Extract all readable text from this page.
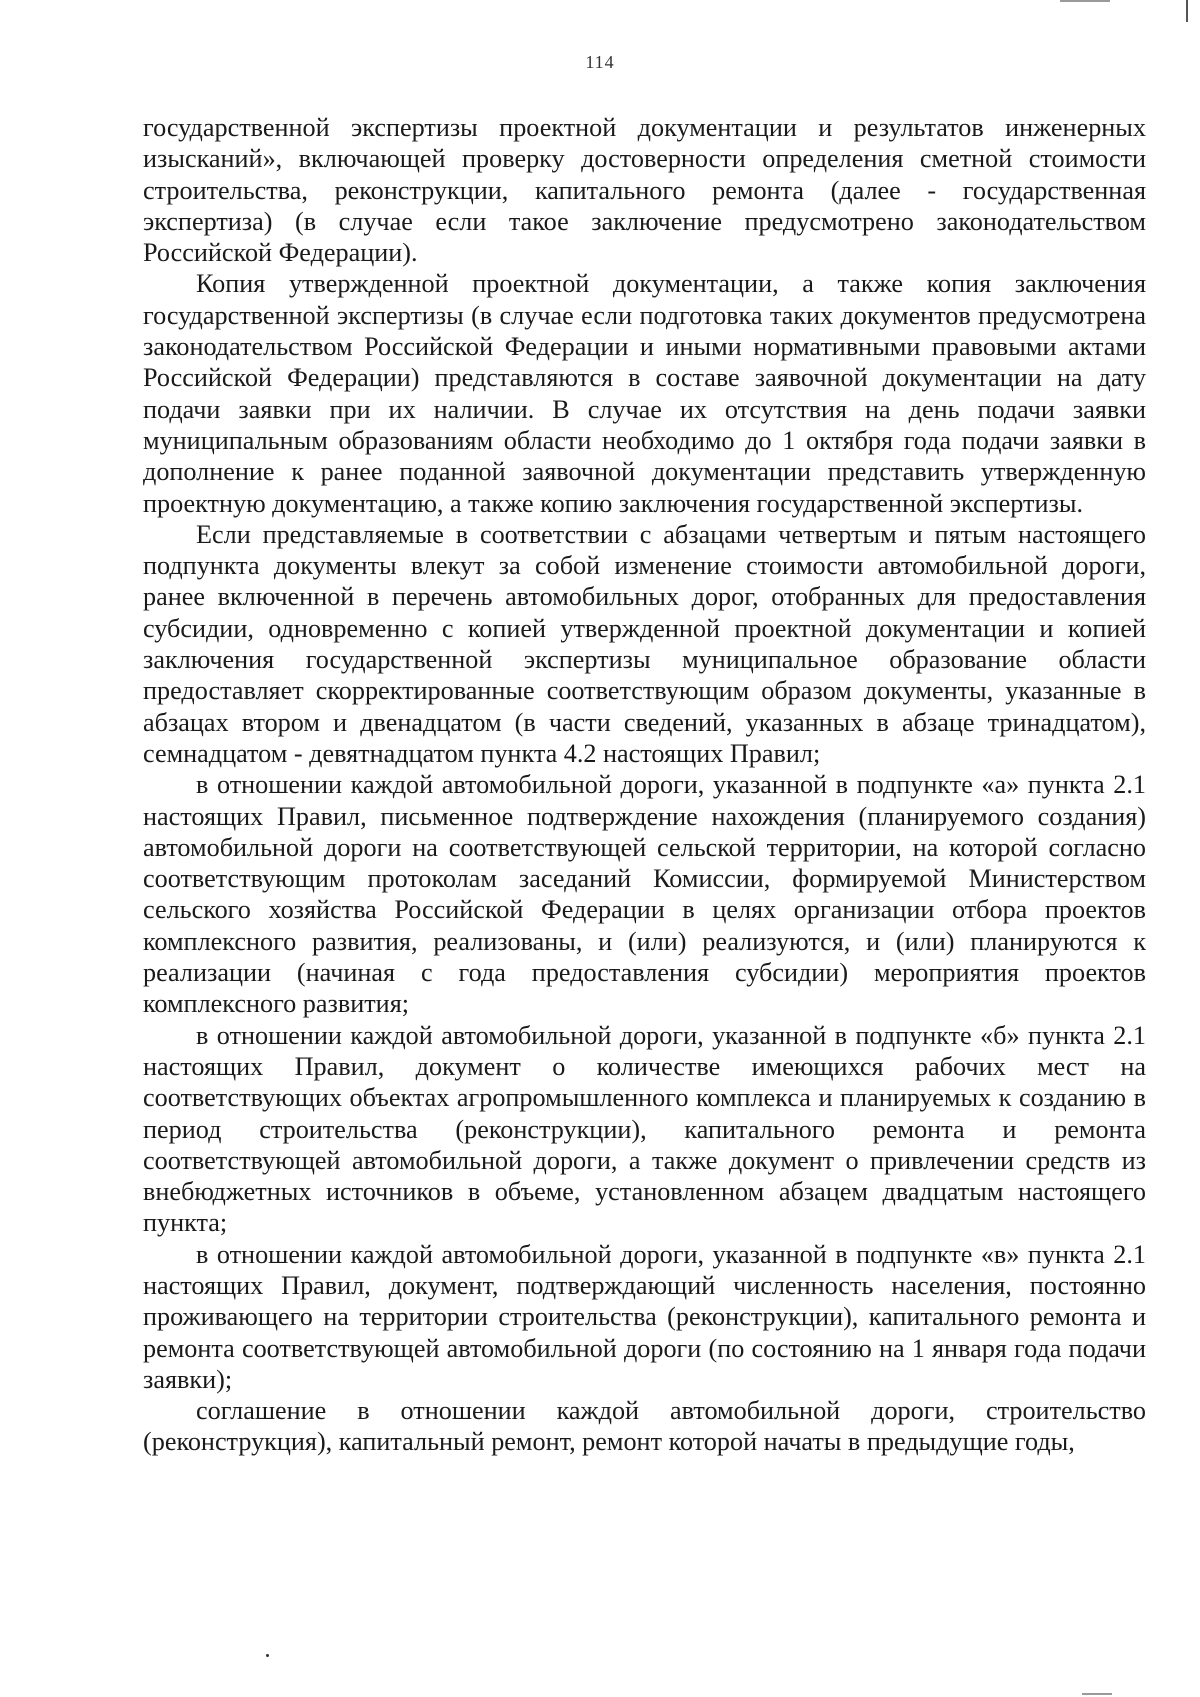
114

государственной экспертизы проектной документации и результатов инженерных изысканий», включающей проверку достоверности определения сметной стоимости строительства, реконструкции, капитального ремонта (далее - государственная экспертиза) (в случае если такое заключение предусмотрено законодательством Российской Федерации).

Копия утвержденной проектной документации, а также копия заключения государственной экспертизы (в случае если подготовка таких документов предусмотрена законодательством Российской Федерации и иными нормативными правовыми актами Российской Федерации) представляются в составе заявочной документации на дату подачи заявки при их наличии. В случае их отсутствия на день подачи заявки муниципальным образованиям области необходимо до 1 октября года подачи заявки в дополнение к ранее поданной заявочной документации представить утвержденную проектную документацию, а также копию заключения государственной экспертизы.

Если представляемые в соответствии с абзацами четвертым и пятым настоящего подпункта документы влекут за собой изменение стоимости автомобильной дороги, ранее включенной в перечень автомобильных дорог, отобранных для предоставления субсидии, одновременно с копией утвержденной проектной документации и копией заключения государственной экспертизы муниципальное образование области предоставляет скорректированные соответствующим образом документы, указанные в абзацах втором и двенадцатом (в части сведений, указанных в абзаце тринадцатом), семнадцатом - девятнадцатом пункта 4.2 настоящих Правил;

в отношении каждой автомобильной дороги, указанной в подпункте «а» пункта 2.1 настоящих Правил, письменное подтверждение нахождения (планируемого создания) автомобильной дороги на соответствующей сельской территории, на которой согласно соответствующим протоколам заседаний Комиссии, формируемой Министерством сельского хозяйства Российской Федерации в целях организации отбора проектов комплексного развития, реализованы, и (или) реализуются, и (или) планируются к реализации (начиная с года предоставления субсидии) мероприятия проектов комплексного развития;

в отношении каждой автомобильной дороги, указанной в подпункте «б» пункта 2.1 настоящих Правил, документ о количестве имеющихся рабочих мест на соответствующих объектах агропромышленного комплекса и планируемых к созданию в период строительства (реконструкции), капитального ремонта и ремонта соответствующей автомобильной дороги, а также документ о привлечении средств из внебюджетных источников в объеме, установленном абзацем двадцатым настоящего пункта;

в отношении каждой автомобильной дороги, указанной в подпункте «в» пункта 2.1 настоящих Правил, документ, подтверждающий численность населения, постоянно проживающего на территории строительства (реконструкции), капитального ремонта и ремонта соответствующей автомобильной дороги (по состоянию на 1 января года подачи заявки);

соглашение в отношении каждой автомобильной дороги, строительство (реконструкция), капитальный ремонт, ремонт которой начаты в предыдущие годы,
